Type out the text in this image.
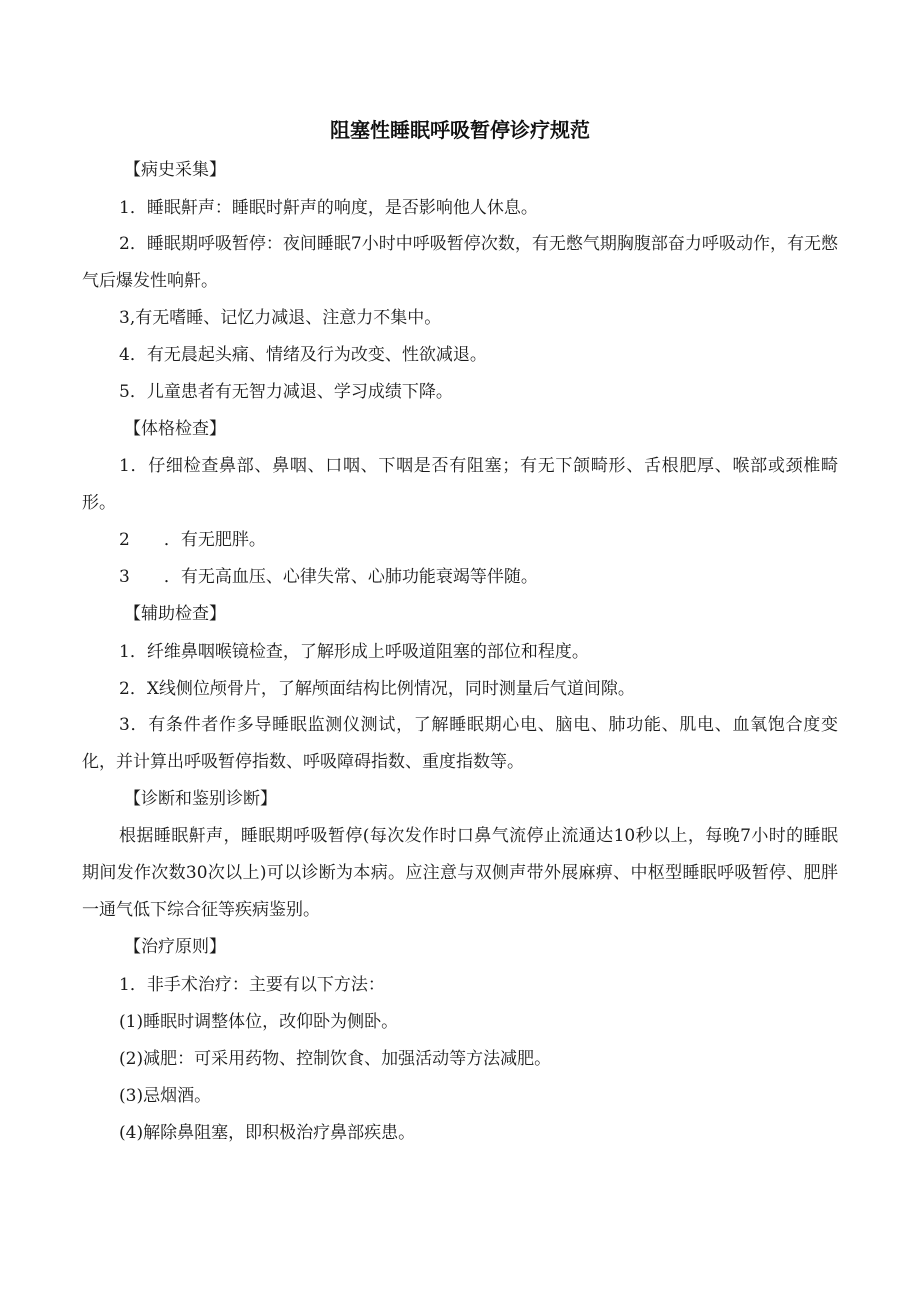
阻塞性睡眠呼吸暂停诊疗规范
【病史采集】
1．睡眠鼾声：睡眠时鼾声的响度，是否影响他人休息。
2．睡眠期呼吸暂停：夜间睡眠7小时中呼吸暂停次数，有无憋气期胸腹部奋力呼吸动作，有无憋气后爆发性响鼾。
3,有无嗜睡、记忆力减退、注意力不集中。
4．有无晨起头痛、情绪及行为改变、性欲减退。
5．儿童患者有无智力减退、学习成绩下降。
【体格检查】
1．仔细检查鼻部、鼻咽、口咽、下咽是否有阻塞；有无下颌畸形、舌根肥厚、喉部或颈椎畸形。
2　　．有无肥胖。
3　　．有无高血压、心律失常、心肺功能衰竭等伴随。
【辅助检查】
1．纤维鼻咽喉镜检查，了解形成上呼吸道阻塞的部位和程度。
2．X线侧位颅骨片，了解颅面结构比例情况，同时测量后气道间隙。
3．有条件者作多导睡眠监测仪测试，了解睡眠期心电、脑电、肺功能、肌电、血氧饱合度变化，并计算出呼吸暂停指数、呼吸障碍指数、重度指数等。
【诊断和鉴别诊断】
根据睡眠鼾声，睡眠期呼吸暂停(每次发作时口鼻气流停止流通达10秒以上，每晚7小时的睡眠期间发作次数30次以上)可以诊断为本病。应注意与双侧声带外展麻痹、中枢型睡眠呼吸暂停、肥胖一通气低下综合征等疾病鉴别。
【治疗原则】
1．非手术治疗：主要有以下方法：
(1)睡眠时调整体位，改仰卧为侧卧。
(2)减肥：可采用药物、控制饮食、加强活动等方法减肥。
(3)忌烟酒。
(4)解除鼻阻塞，即积极治疗鼻部疾患。
